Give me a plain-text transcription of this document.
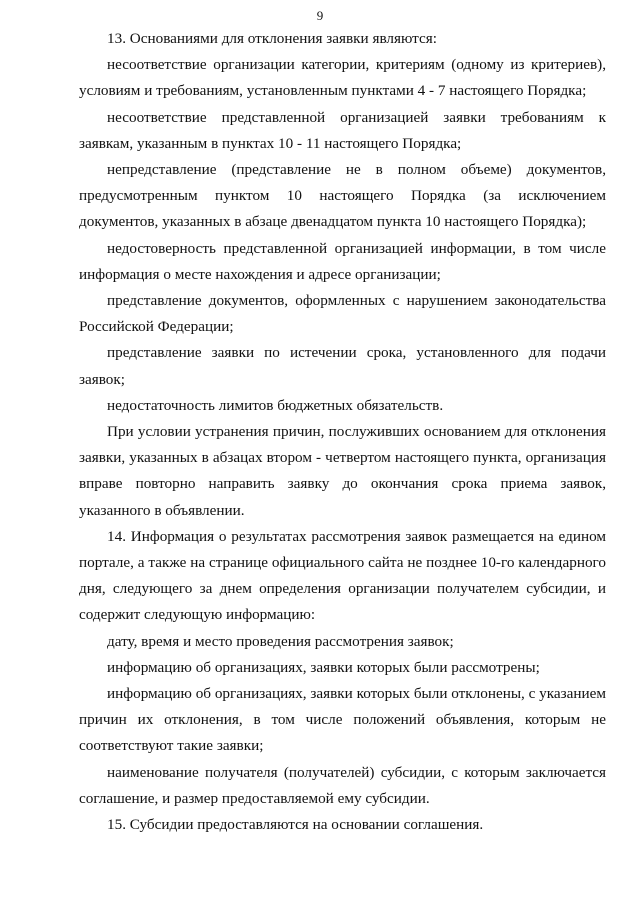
9

13. Основаниями для отклонения заявки являются:

несоответствие организации категории, критериям (одному из критериев), условиям и требованиям, установленным пунктами 4 - 7 настоящего Порядка;

несоответствие представленной организацией заявки требованиям к заявкам, указанным в пунктах 10 - 11 настоящего Порядка;

непредставление (представление не в полном объеме) документов, предусмотренным пунктом 10 настоящего Порядка (за исключением документов, указанных в абзаце двенадцатом пункта 10 настоящего Порядка);

недостоверность представленной организацией информации, в том числе информация о месте нахождения и адресе организации;

представление документов, оформленных с нарушением законодательства Российской Федерации;

представление заявки по истечении срока, установленного для подачи заявок;

недостаточность лимитов бюджетных обязательств.

При условии устранения причин, послуживших основанием для отклонения заявки, указанных в абзацах втором - четвертом настоящего пункта, организация вправе повторно направить заявку до окончания срока приема заявок, указанного в объявлении.

14. Информация о результатах рассмотрения заявок размещается на едином портале, а также на странице официального сайта не позднее 10-го календарного дня, следующего за днем определения организации получателем субсидии, и содержит следующую информацию:

дату, время и место проведения рассмотрения заявок;

информацию об организациях, заявки которых были рассмотрены;

информацию об организациях, заявки которых были отклонены, с указанием причин их отклонения, в том числе положений объявления, которым не соответствуют такие заявки;

наименование получателя (получателей) субсидии, с которым заключается соглашение, и размер предоставляемой ему субсидии.

15. Субсидии предоставляются на основании соглашения.
